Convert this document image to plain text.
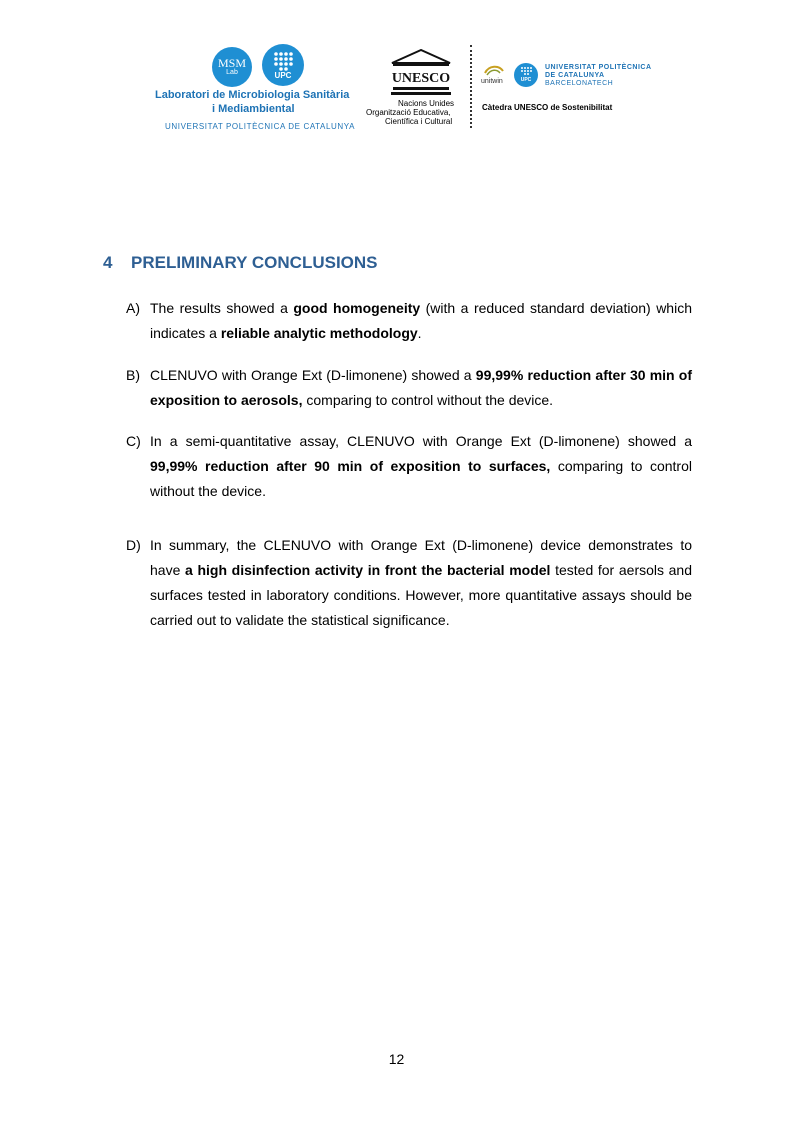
MSM
Lab	UPC
Laboratori de Microbiologia Sanitària
i Mediambiental
UNIVERSITAT POLITÈCNICA DE CATALUNYA
UNESCO
Nacions Unides
Organització Educativa,
Científica i Cultural
unitwin	UPC
UNIVERSITAT POLITÈCNICA
DE CATALUNYA
BARCELONATECH
Càtedra UNESCO de Sostenibilitat
4 PRELIMINARY CONCLUSIONS
A) The results showed a good homogeneity (with a reduced standard deviation) which indicates a reliable analytic methodology.
B) CLENUVO with Orange Ext (D-limonene) showed a 99,99% reduction after 30 min of exposition to aerosols, comparing to control without the device.
C) In a semi-quantitative assay, CLENUVO with Orange Ext (D-limonene) showed a 99,99% reduction after 90 min of exposition to surfaces, comparing to control without the device.
D) In summary, the CLENUVO with Orange Ext (D-limonene) device demonstrates to have a high disinfection activity in front the bacterial model tested for aersols and surfaces tested in laboratory conditions. However, more quantitative assays should be carried out to validate the statistical significance.
12
